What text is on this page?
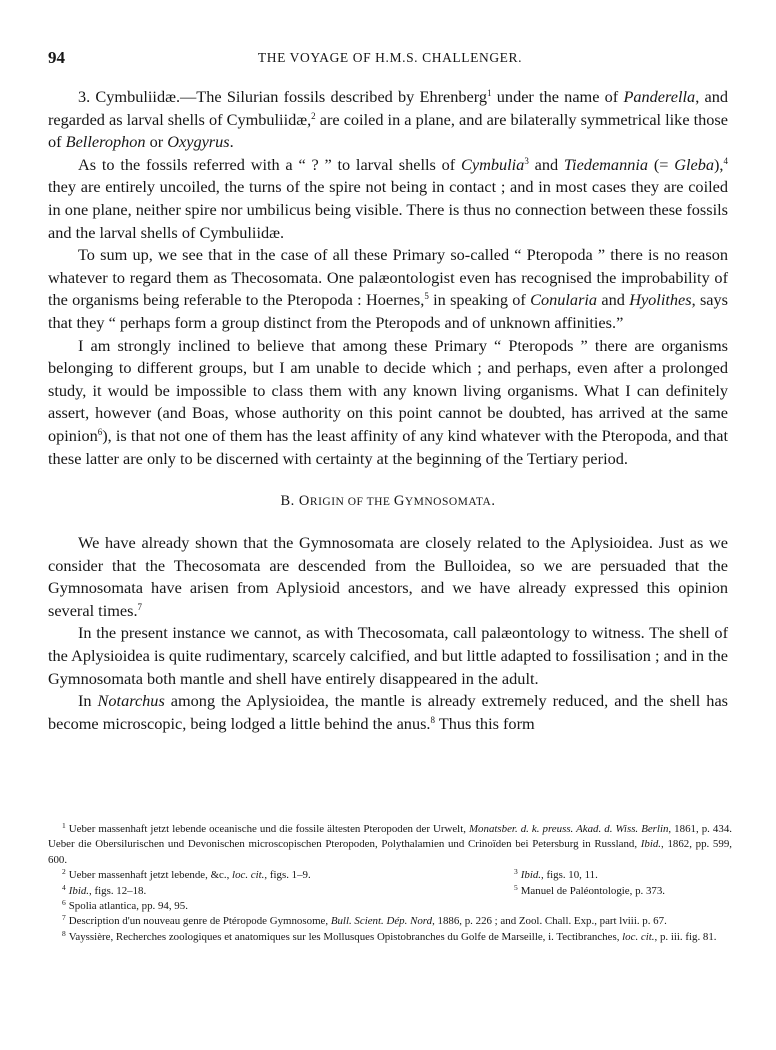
94	THE VOYAGE OF H.M.S. CHALLENGER.

3. Cymbuliidæ.—The Silurian fossils described by Ehrenberg$^1$ under the name of Panderella, and regarded as larval shells of Cymbuliidæ,$^2$ are coiled in a plane, and are bilaterally symmetrical like those of Bellerophon or Oxygyrus.

As to the fossils referred with a “ ? ” to larval shells of Cymbulia$^3$ and Tiedemannia (= Gleba),$^4$ they are entirely uncoiled, the turns of the spire not being in contact ; and in most cases they are coiled in one plane, neither spire nor umbilicus being visible. There is thus no connection between these fossils and the larval shells of Cymbuliidæ.

To sum up, we see that in the case of all these Primary so-called “ Pteropoda ” there is no reason whatever to regard them as Thecosomata. One palæontologist even has recognised the improbability of the organisms being referable to the Pteropoda : Hoernes,$^5$ in speaking of Conularia and Hyolithes, says that they “ perhaps form a group distinct from the Pteropods and of unknown affinities.”

I am strongly inclined to believe that among these Primary “ Pteropods ” there are organisms belonging to different groups, but I am unable to decide which ; and perhaps, even after a prolonged study, it would be impossible to class them with any known living organisms. What I can definitely assert, however (and Boas, whose authority on this point cannot be doubted, has arrived at the same opinion$^6$), is that not one of them has the least affinity of any kind whatever with the Pteropoda, and that these latter are only to be discerned with certainty at the beginning of the Tertiary period.

B. ORIGIN OF THE GYMNOSOMATA.

We have already shown that the Gymnosomata are closely related to the Aplysioidea. Just as we consider that the Thecosomata are descended from the Bulloidea, so we are persuaded that the Gymnosomata have arisen from Aplysioid ancestors, and we have already expressed this opinion several times.$^7$

In the present instance we cannot, as with Thecosomata, call palæontology to witness. The shell of the Aplysioidea is quite rudimentary, scarcely calcified, and but little adapted to fossilisation ; and in the Gymnosomata both mantle and shell have entirely disappeared in the adult.

In Notarchus among the Aplysioidea, the mantle is already extremely reduced, and the shell has become microscopic, being lodged a little behind the anus.$^8$ Thus this form

$^1$ Ueber massenhaft jetzt lebende oceanische und die fossile ältesten Pteropoden der Urwelt, Monatsber. d. k. preuss. Akad. d. Wiss. Berlin, 1861, p. 434. Ueber die Obersilurischen und Devonischen microscopischen Pteropoden, Polythalamien und Crinoïden bei Petersburg in Russland, Ibid., 1862, pp. 599, 600.

$^2$ Ueber massenhaft jetzt lebende, &c., loc. cit., figs. 1–9.	$^3$ Ibid., figs. 10, 11.

$^4$ Ibid., figs. 12–18.	$^5$ Manuel de Paléontologie, p. 373.

$^6$ Spolia atlantica, pp. 94, 95.

$^7$ Description d'un nouveau genre de Ptéropode Gymnosome, Bull. Scient. Dép. Nord, 1886, p. 226 ; and Zool. Chall. Exp., part lviii. p. 67.

$^8$ Vayssière, Recherches zoologiques et anatomiques sur les Mollusques Opistobranches du Golfe de Marseille, i. Tectibranches, loc. cit., p. iii. fig. 81.
